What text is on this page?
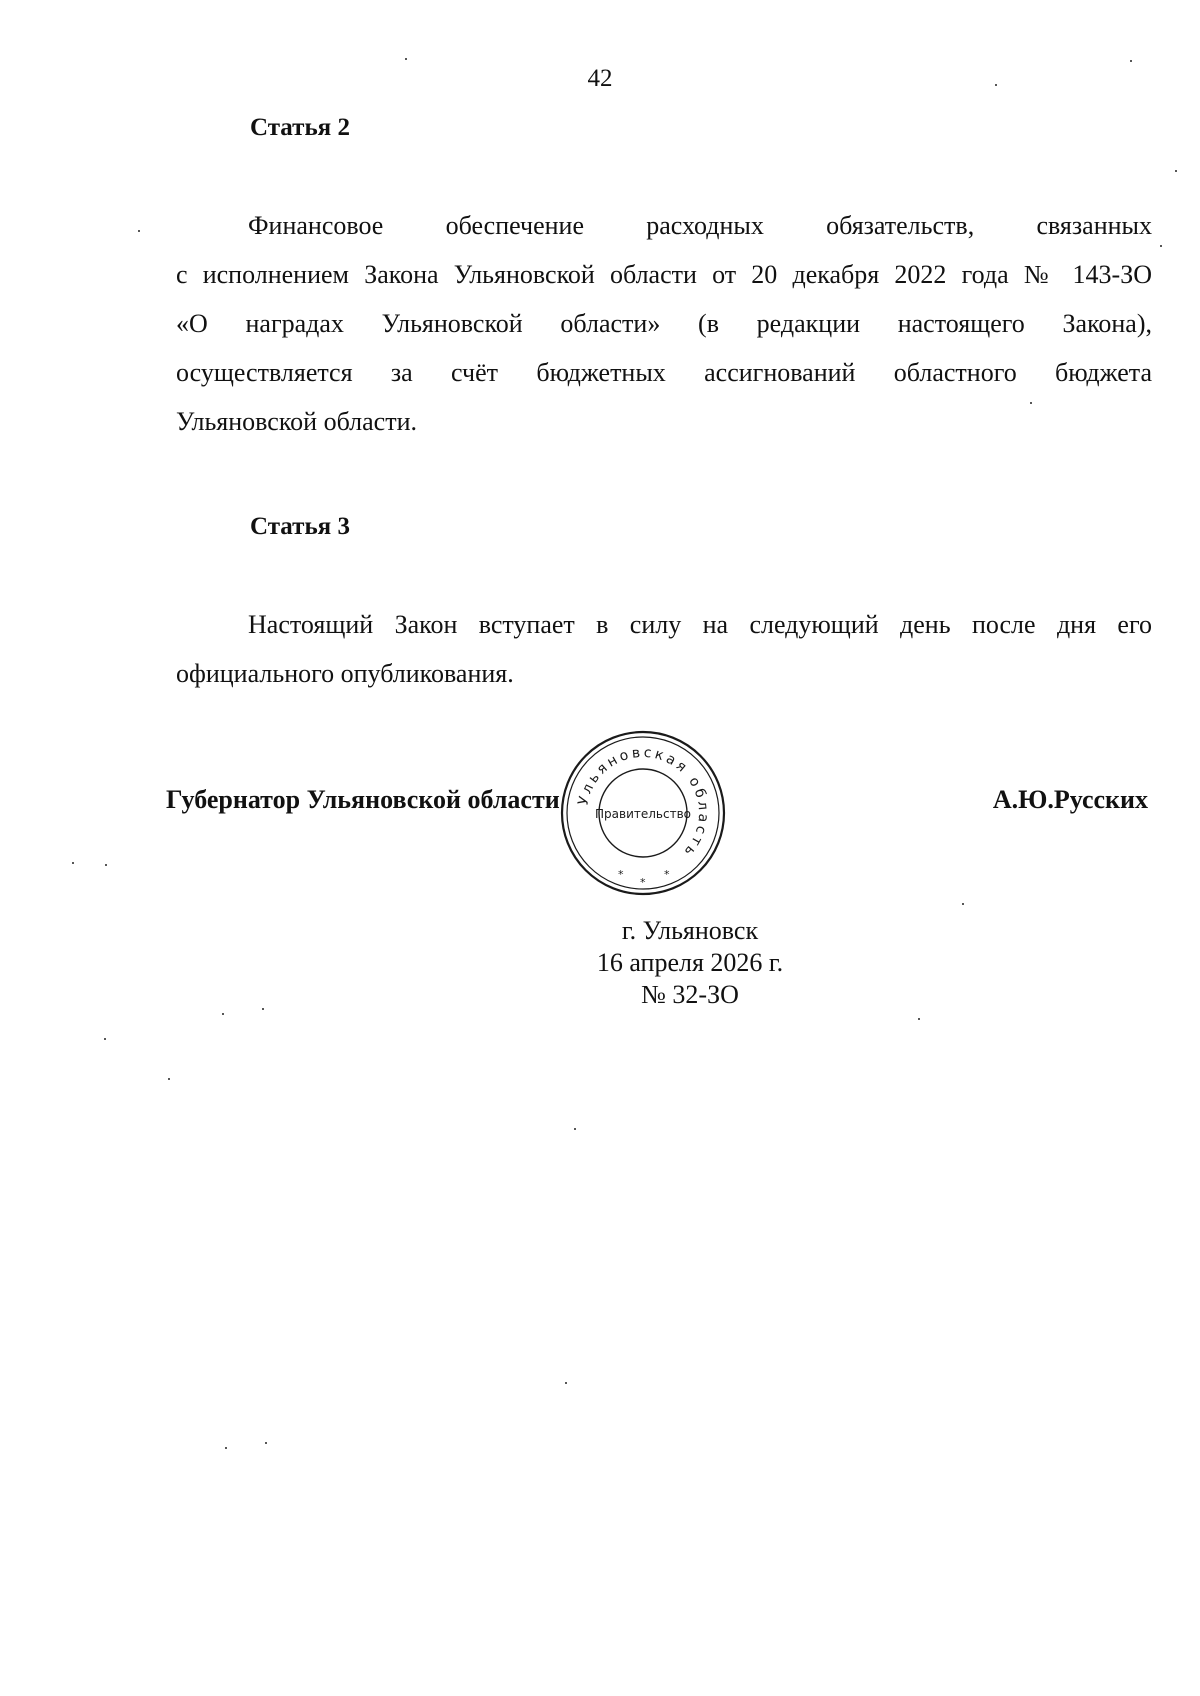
42
Статья 2
Финансовое обеспечение расходных обязательств, связанных
с исполнением Закона Ульяновской области от 20 декабря 2022 года № 143-ЗО
«О наградах Ульяновской области» (в редакции настоящего Закона),
осуществляется за счёт бюджетных ассигнований областного бюджета
Ульяновской области.
Статья 3
Настоящий Закон вступает в силу на следующий день после дня его
официального опубликования.
Ульяновская область
Правительство
*
*
*
Губернатор Ульяновской области	А.Ю.Русских
г. Ульяновск
16 апреля 2026 г.
№ 32-ЗО
